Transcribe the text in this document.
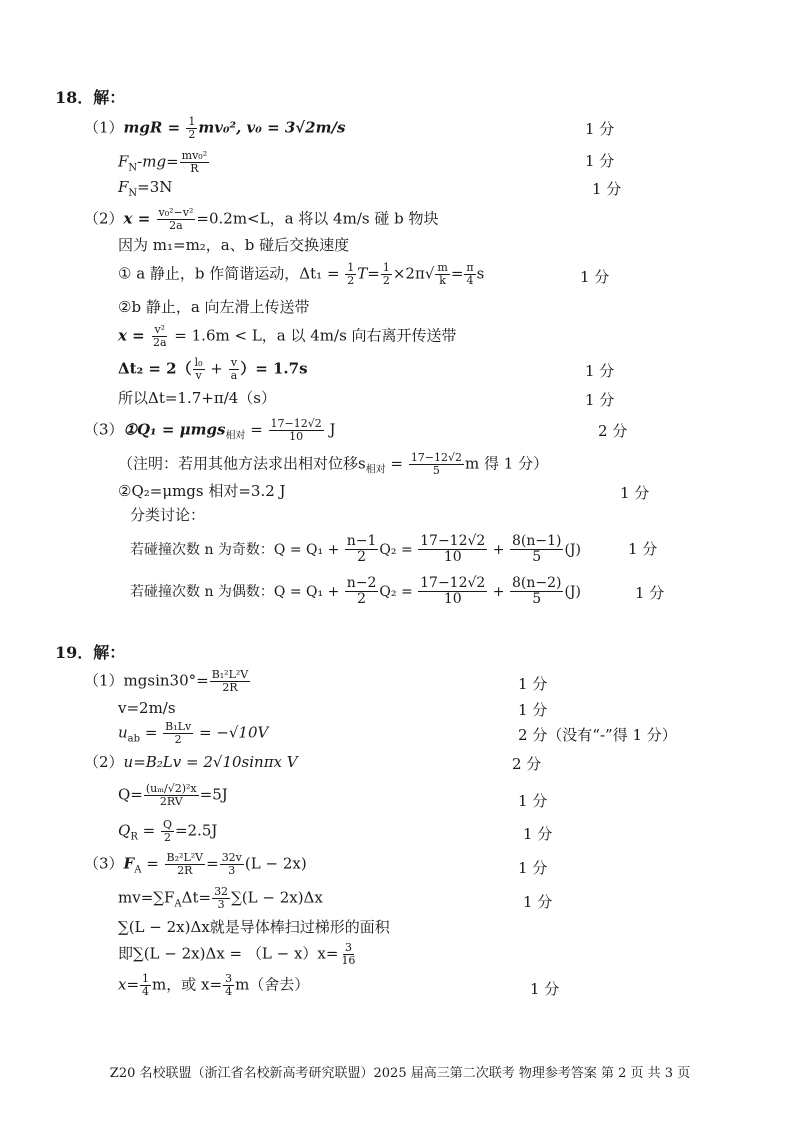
18．解：
$(1)mgR = \frac{1}{2} mv_0^2$, v₀ = 3√2m/s	1 分
$F_N-mg= \frac{\text{mv₀²}}{R}$	1 分
$F_N=3N$	1 分
$(2)x = \frac{\text{v₀²−v²}}{2a} =0.2m<L$，a 将以 4m/s 碰 b 物块
因为 m₁=m₂，a、b 碰后交换速度
① a 静止，b 作简谐运动，$\Delta t_1 = \frac{1}{2} T= \frac{1}{2} \times 2\pi√ \frac{m}{k} = \frac{\pi}{4}$ s	1 分
②b 静止，a 向左滑上传送带
$x = \frac{\text{v²}}{2a} = 1.6m < L$，a 以 4m/s 向右离开传送带
$\Delta t_2 = 2( \frac{\text{l₀}}{v} + \frac{v}{a}$ ）= 1.7s	1 分
所以Δt=1.7+π/4（s）	1 分
（3）①Q₁ = $\mu mgs_{相对} = \frac{17-12√2}{10}$ J	2 分
（注明：若用其他方法求出相对位移$s_{相对} = \frac{17-12√2}{5}$ m 得 1 分）
②Q₂=μmgs 相对=3.2 J	1 分
分类讨论：
若碰撞次数 n 为奇数：$Q = Q_1 + \frac{n-1}{2} Q_2 = \frac{17-12√2}{10} + \frac{8(n-1)}{5} (J)$	1 分
若碰撞次数 n 为偶数：$Q = Q_1 + \frac{n-2}{2} Q_2 = \frac{17-12√2}{10} + \frac{8(n-2)}{5} (J)$	1 分
19．解：
$(1)mgsin30^\circ= \frac{\text{B₁²L²V}}{2R}$	1 分
v=2m/s	1 分
$u_{ab} = \frac{\text{B₁Lv}}{2} = -√10V$	2 分（没有“-”得 1 分）
（2）u=B₂Lv = 2√10sinπx V	2 分
$Q= \frac{\text{(uₘ/√2)²x}}{2RV} =5J$	1 分
$Q_R = \frac{Q}{2} =2.5J$	1 分
$(3)F_A = \frac{\text{B₂²L²V}}{2R} = \frac{32v}{3} (L - 2x)$	1 分
$mv=\sum F_A\Delta t= \frac{32}{3} \sum(L - 2x)\Delta x$	1 分
∑(L − 2x)Δx就是导体棒扫过梯形的面积
即$\sum(L - 2x)\Delta x = (L - x)x= \frac{3}{16}$
$x= \frac{1}{4}$ m，或 $x= \frac{3}{4} m$（舍去）	1 分
Z20 名校联盟（浙江省名校新高考研究联盟）2025 届高三第二次联考 物理参考答案 第 2 页 共 3 页
